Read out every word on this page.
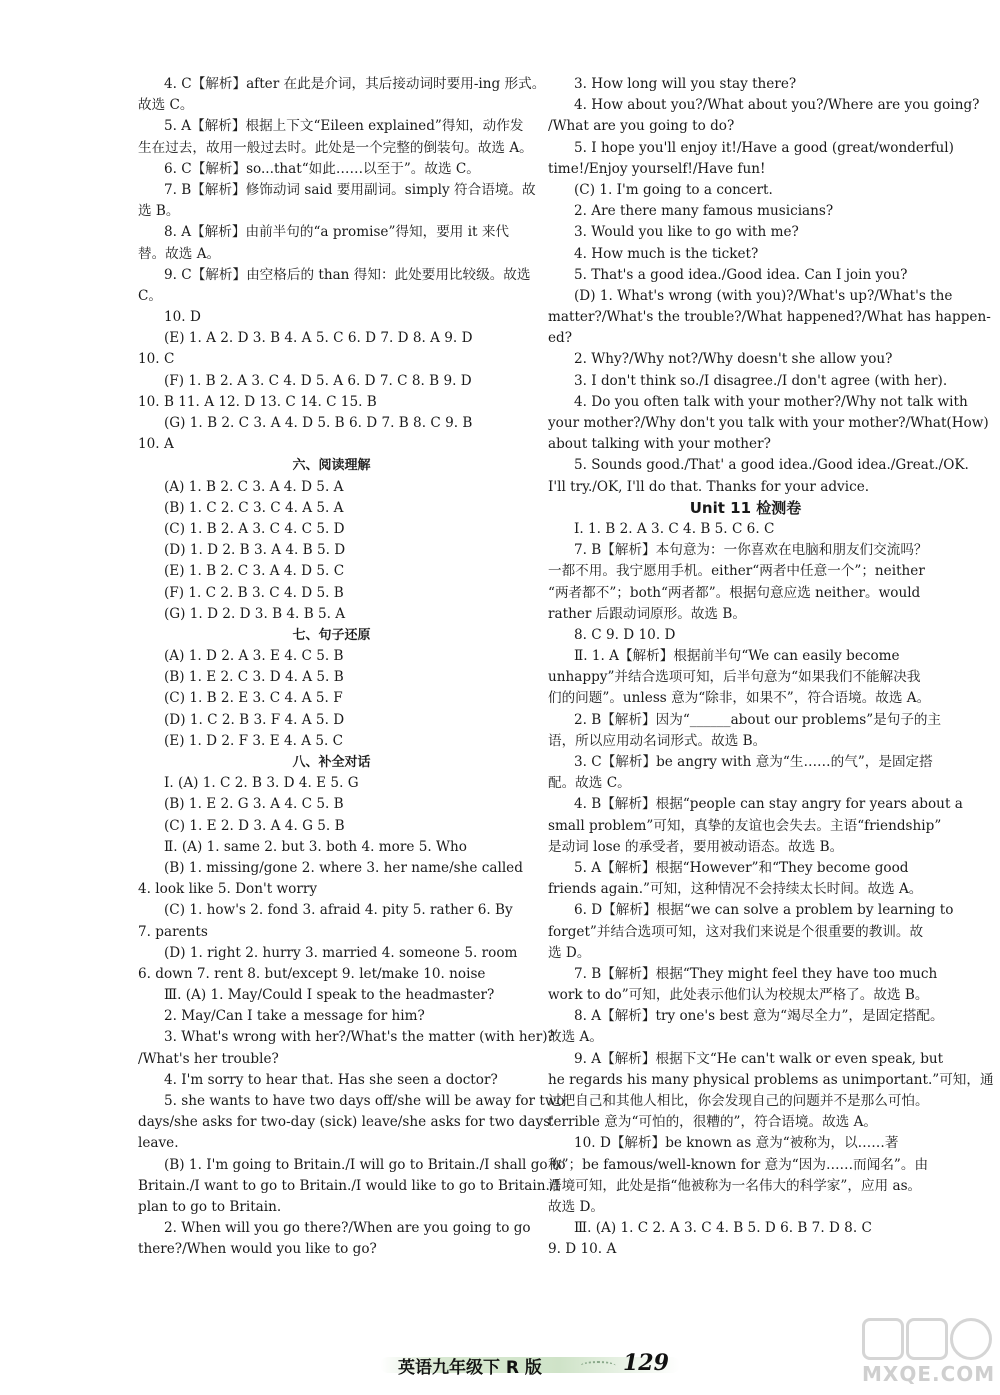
4. C【解析】after 在此是介词，其后接动词时要用-ing 形式。
故选 C。
5. A【解析】根据上下文“Eileen explained”得知，动作发
生在过去，故用一般过去时。此处是一个完整的倒装句。故选 A。
6. C【解析】so...that“如此……以至于”。故选 C。
7. B【解析】修饰动词 said 要用副词。simply 符合语境。故
选 B。
8. A【解析】由前半句的“a promise”得知，要用 it 来代
替。故选 A。
9. C【解析】由空格后的 than 得知：此处要用比较级。故选
C。
10. D
(E) 1. A 2. D 3. B 4. A 5. C 6. D 7. D 8. A 9. D
10. C
(F) 1. B 2. A 3. C 4. D 5. A 6. D 7. C 8. B 9. D
10. B 11. A 12. D 13. C 14. C 15. B
(G) 1. B 2. C 3. A 4. D 5. B 6. D 7. B 8. C 9. B
10. A
六、阅读理解
(A) 1. B 2. C 3. A 4. D 5. A
(B) 1. C 2. C 3. C 4. A 5. A
(C) 1. B 2. A 3. C 4. C 5. D
(D) 1. D 2. B 3. A 4. B 5. D
(E) 1. B 2. C 3. A 4. D 5. C
(F) 1. C 2. B 3. C 4. D 5. B
(G) 1. D 2. D 3. B 4. B 5. A
七、句子还原
(A) 1. D 2. A 3. E 4. C 5. B
(B) 1. E 2. C 3. D 4. A 5. B
(C) 1. B 2. E 3. C 4. A 5. F
(D) 1. C 2. B 3. F 4. A 5. D
(E) 1. D 2. F 3. E 4. A 5. C
八、补全对话
Ⅰ. (A) 1. C 2. B 3. D 4. E 5. G
(B) 1. E 2. G 3. A 4. C 5. B
(C) 1. E 2. D 3. A 4. G 5. B
Ⅱ. (A) 1. same 2. but 3. both 4. more 5. Who
(B) 1. missing/gone 2. where 3. her name/she called
4. look like 5. Don't worry
(C) 1. how's 2. fond 3. afraid 4. pity 5. rather 6. By
7. parents
(D) 1. right 2. hurry 3. married 4. someone 5. room
6. down 7. rent 8. but/except 9. let/make 10. noise
Ⅲ. (A) 1. May/Could I speak to the headmaster?
2. May/Can I take a message for him?
3. What's wrong with her?/What's the matter (with her)?
/What's her trouble?
4. I'm sorry to hear that. Has she seen a doctor?
5. she wants to have two days off/she will be away for two
days/she asks for two-day (sick) leave/she asks for two days'
leave.
(B) 1. I'm going to Britain./I will go to Britain./I shall go to
Britain./I want to go to Britain./I would like to go to Britain./I
plan to go to Britain.
2. When will you go there?/When are you going to go
there?/When would you like to go?
3. How long will you stay there?
4. How about you?/What about you?/Where are you going?
/What are you going to do?
5. I hope you'll enjoy it!/Have a good (great/wonderful)
time!/Enjoy yourself!/Have fun!
(C) 1. I'm going to a concert.
2. Are there many famous musicians?
3. Would you like to go with me?
4. How much is the ticket?
5. That's a good idea./Good idea. Can I join you?
(D) 1. What's wrong (with you)?/What's up?/What's the
matter?/What's the trouble?/What happened?/What has happen-
ed?
2. Why?/Why not?/Why doesn't she allow you?
3. I don't think so./I disagree./I don't agree (with her).
4. Do you often talk with your mother?/Why not talk with
your mother?/Why don't you talk with your mother?/What(How)
about talking with your mother?
5. Sounds good./That' a good idea./Good idea./Great./OK.
I'll try./OK, I'll do that. Thanks for your advice.
Unit 11 检测卷
Ⅰ. 1. B 2. A 3. C 4. B 5. C 6. C
7. B【解析】本句意为：一你喜欢在电脑和朋友们交流吗？
一都不用。我宁愿用手机。either“两者中任意一个”；neither
“两者都不”；both“两者都”。根据句意应选 neither。would
rather 后跟动词原形。故选 B。
8. C 9. D 10. D
Ⅱ. 1. A【解析】根据前半句“We can easily become
unhappy”并结合选项可知，后半句意为“如果我们不能解决我
们的问题”。unless 意为“除非，如果不”，符合语境。故选 A。
2. B【解析】因为“______about our problems”是句子的主
语，所以应用动名词形式。故选 B。
3. C【解析】be angry with 意为“生……的气”，是固定搭
配。故选 C。
4. B【解析】根据“people can stay angry for years about a
small problem”可知，真挚的友谊也会失去。主语“friendship”
是动词 lose 的承受者，要用被动语态。故选 B。
5. A【解析】根据“However”和“They become good
friends again.”可知，这种情况不会持续太长时间。故选 A。
6. D【解析】根据“we can solve a problem by learning to
forget”并结合选项可知，这对我们来说是个很重要的教训。故
选 D。
7. B【解析】根据“They might feel they have too much
work to do”可知，此处表示他们认为校规太严格了。故选 B。
8. A【解析】try one's best 意为“竭尽全力”，是固定搭配。
故选 A。
9. A【解析】根据下文“He can't walk or even speak, but
he regards his many physical problems as unimportant.”可知，通
过把自己和其他人相比，你会发现自己的问题并不是那么可怕。
terrible 意为“可怕的，很糟的”，符合语境。故选 A。
10. D【解析】be known as 意为“被称为，以……著
称”；be famous/well-known for 意为“因为……而闻名”。由
语境可知，此处是指“他被称为一名伟大的科学家”，应用 as。
故选 D。
Ⅲ. (A) 1. C 2. A 3. C 4. B 5. D 6. B 7. D 8. C
9. D 10. A
英语九年级下 R 版	129	MXQE.COM
